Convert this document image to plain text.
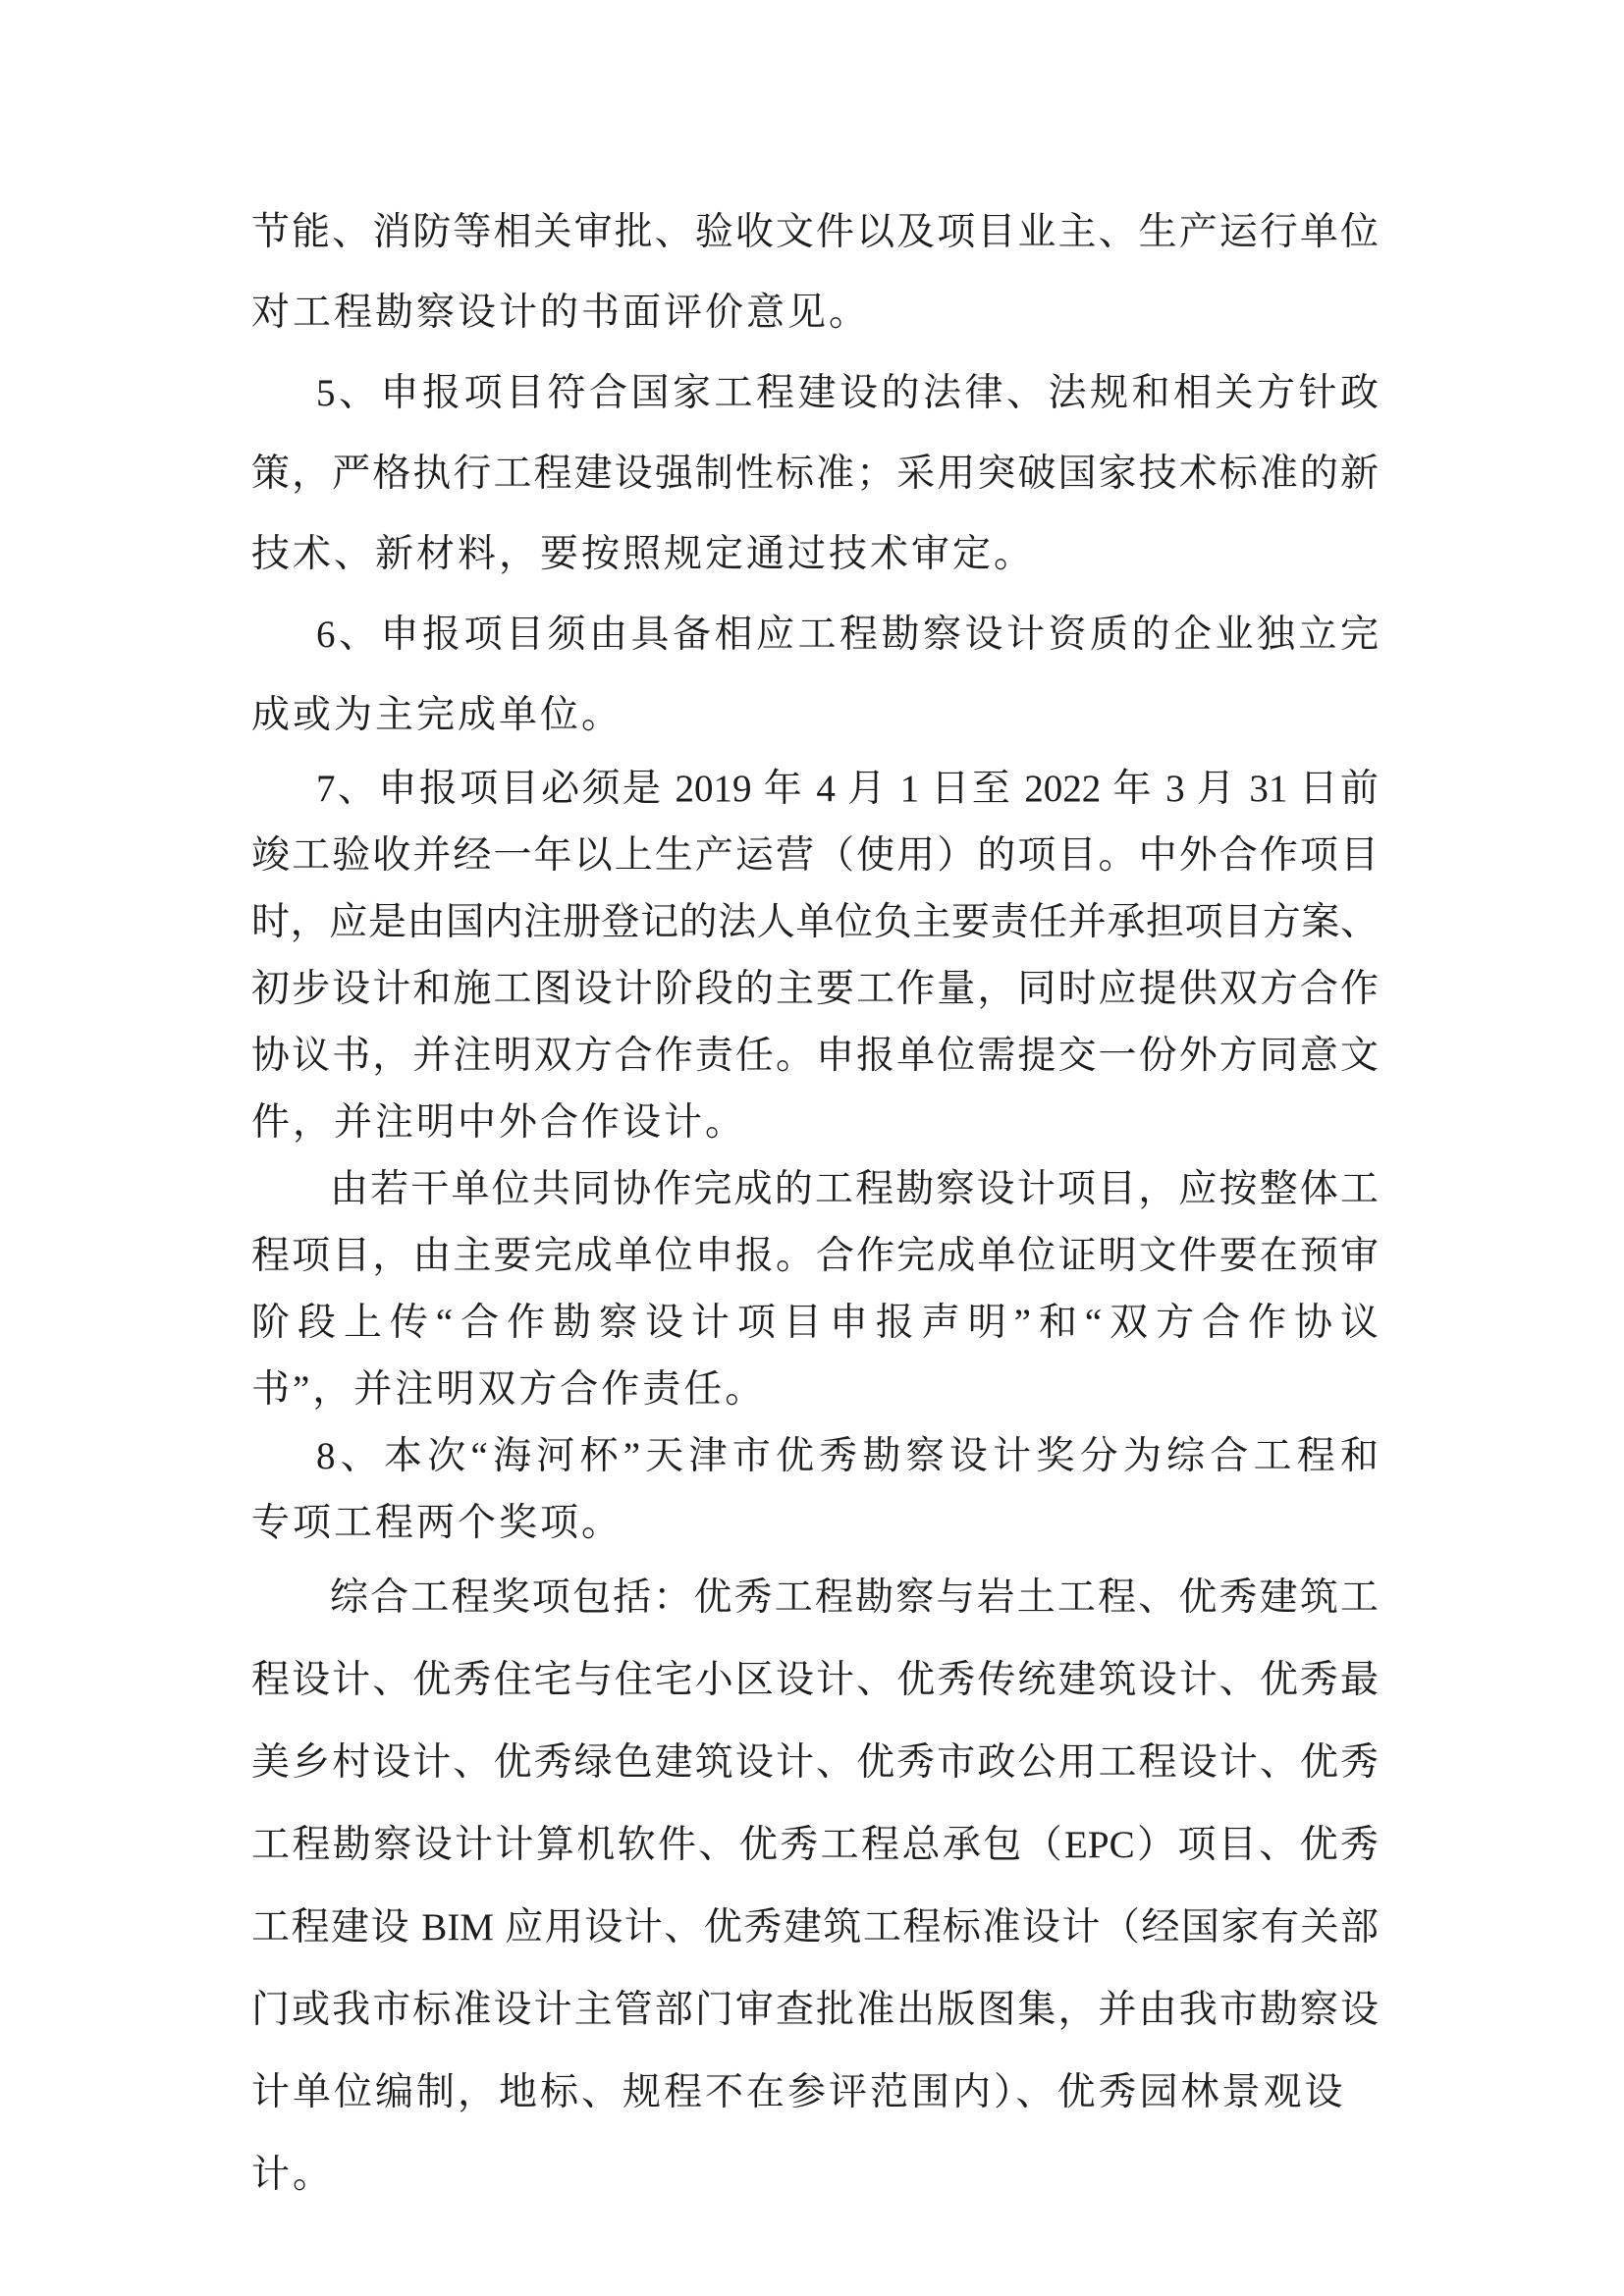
节能、消防等相关审批、验收文件以及项目业主、生产运行单位
对工程勘察设计的书面评价意见。
5、申报项目符合国家工程建设的法律、法规和相关方针政
策，严格执行工程建设强制性标准；采用突破国家技术标准的新
技术、新材料，要按照规定通过技术审定。
6、申报项目须由具备相应工程勘察设计资质的企业独立完
成或为主完成单位。
7、申报项目必须是 2019 年 4 月 1 日至 2022 年 3 月 31 日前
竣工验收并经一年以上生产运营（使用）的项目。中外合作项目
时，应是由国内注册登记的法人单位负主要责任并承担项目方案、
初步设计和施工图设计阶段的主要工作量，同时应提供双方合作
协议书，并注明双方合作责任。申报单位需提交一份外方同意文
件，并注明中外合作设计。
由若干单位共同协作完成的工程勘察设计项目，应按整体工
程项目，由主要完成单位申报。合作完成单位证明文件要在预审
阶段上传“合作勘察设计项目申报声明”和“双方合作协议
书”，并注明双方合作责任。
8、本次“海河杯”天津市优秀勘察设计奖分为综合工程和
专项工程两个奖项。
综合工程奖项包括：优秀工程勘察与岩土工程、优秀建筑工
程设计、优秀住宅与住宅小区设计、优秀传统建筑设计、优秀最
美乡村设计、优秀绿色建筑设计、优秀市政公用工程设计、优秀
工程勘察设计计算机软件、优秀工程总承包（EPC）项目、优秀
工程建设 BIM 应用设计、优秀建筑工程标准设计（经国家有关部
门或我市标准设计主管部门审查批准出版图集，并由我市勘察设
计单位编制，地标、规程不在参评范围内）、优秀园林景观设计。
